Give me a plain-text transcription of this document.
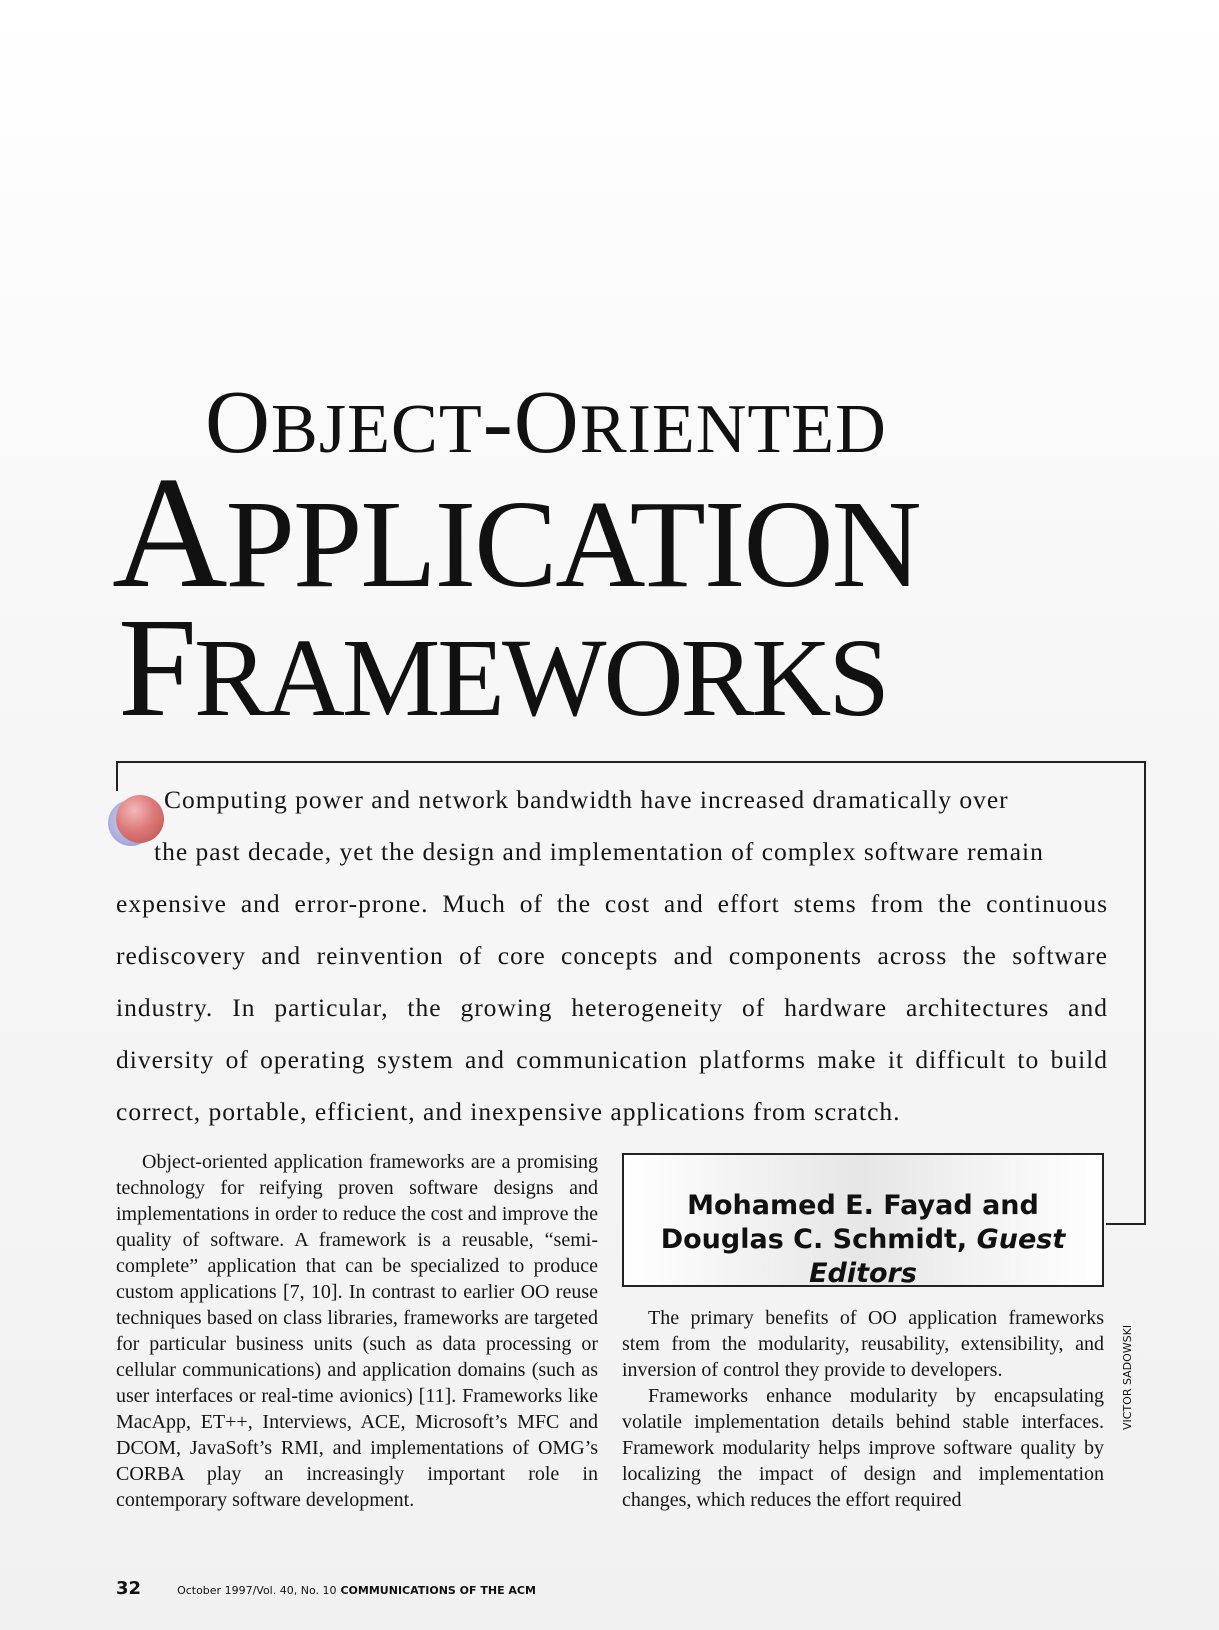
OBJECT-ORIENTED
APPLICATION
FRAMEWORKS

Computing power and network bandwidth have increased dramatically over
the past decade, yet the design and implementation of complex software remain
expensive and error-prone. Much of the cost and effort stems from the continuous rediscovery and reinvention of core concepts and components across the software industry. In particular, the growing heterogeneity of hardware architectures and diversity of operating system and communication platforms make it difficult to build correct, portable, efficient, and inexpensive applications from scratch.

Mohamed E. Fayad and
Douglas C. Schmidt, Guest Editors

Object-oriented application frameworks are a promising technology for reifying proven software designs and implementations in order to reduce the cost and improve the quality of software. A framework is a reusable, “semi-complete” application that can be specialized to produce custom applications [7, 10]. In contrast to earlier OO reuse techniques based on class libraries, frameworks are targeted for particular business units (such as data processing or cellular communications) and application domains (such as user interfaces or real-time avionics) [11]. Frameworks like MacApp, ET++, Interviews, ACE, Microsoft’s MFC and DCOM, JavaSoft’s RMI, and implementations of OMG’s CORBA play an increasingly important role in contemporary software development.

The primary benefits of OO application frameworks stem from the modularity, reusability, extensibility, and inversion of control they provide to developers.

Frameworks enhance modularity by encapsulating volatile implementation details behind stable interfaces. Framework modularity helps improve software quality by localizing the impact of design and implementation changes, which reduces the effort required

VICTOR SADOWSKI
32	October 1997/Vol. 40, No. 10 COMMUNICATIONS OF THE ACM
